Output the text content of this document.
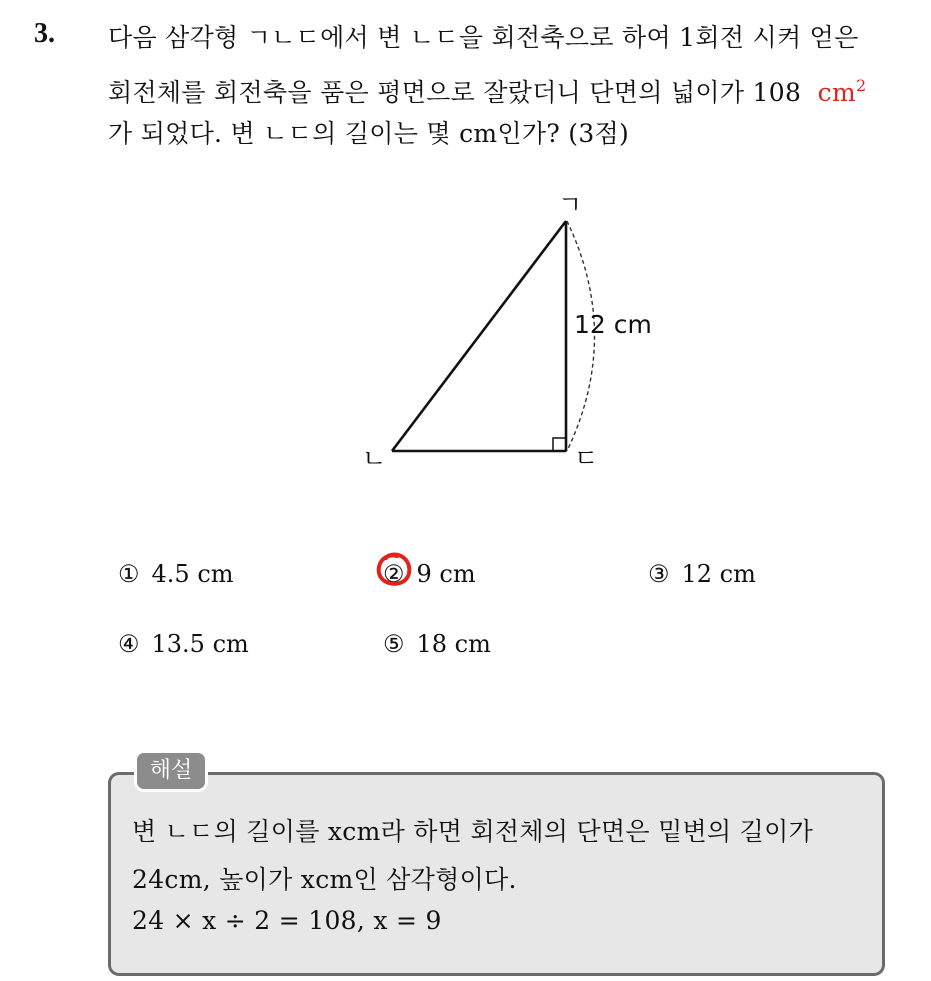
3. 다음 삼각형 ㄱㄴㄷ에서 변 ㄴㄷ을 회전축으로 하여 1회전 시켜 얻은
회전체를 회전축을 품은 평면으로 잘랐더니 단면의 넓이가 108 $cm^2$
가 되었다. 변 ㄴㄷ의 길이는 몇 cm인가? (3점)
ㄱ
ㄴ	ㄷ
12 cm
① 4.5 cm	② 9 cm	③ 12 cm
④ 13.5 cm	⑤ 18 cm
해설
변 ㄴㄷ의 길이를 xcm라 하면 회전체의 단면은 밑변의 길이가
24cm, 높이가 xcm인 삼각형이다.
24 × x ÷ 2 = 108, x = 9
